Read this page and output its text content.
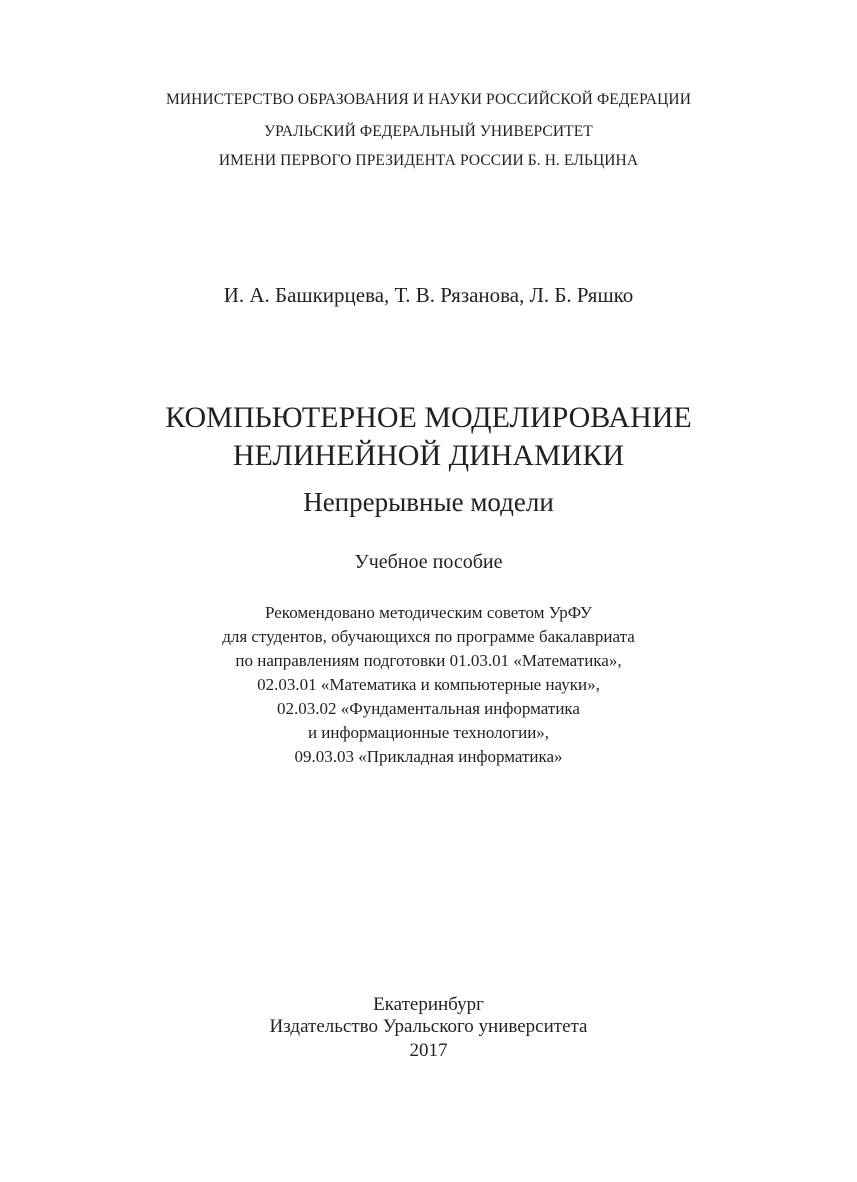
МИНИСТЕРСТВО ОБРАЗОВАНИЯ И НАУКИ РОССИЙСКОЙ ФЕДЕРАЦИИ
УРАЛЬСКИЙ ФЕДЕРАЛЬНЫЙ УНИВЕРСИТЕТ
ИМЕНИ ПЕРВОГО ПРЕЗИДЕНТА РОССИИ Б. Н. ЕЛЬЦИНА
И. А. Башкирцева, Т. В. Рязанова, Л. Б. Ряшко
КОМПЬЮТЕРНОЕ МОДЕЛИРОВАНИЕ
НЕЛИНЕЙНОЙ ДИНАМИКИ
Непрерывные модели
Учебное пособие
Рекомендовано методическим советом УрФУ
для студентов, обучающихся по программе бакалавриата
по направлениям подготовки 01.03.01 «Математика»,
02.03.01 «Математика и компьютерные науки»,
02.03.02 «Фундаментальная информатика
и информационные технологии»,
09.03.03 «Прикладная информатика»
Екатеринбург
Издательство Уральского университета
2017
